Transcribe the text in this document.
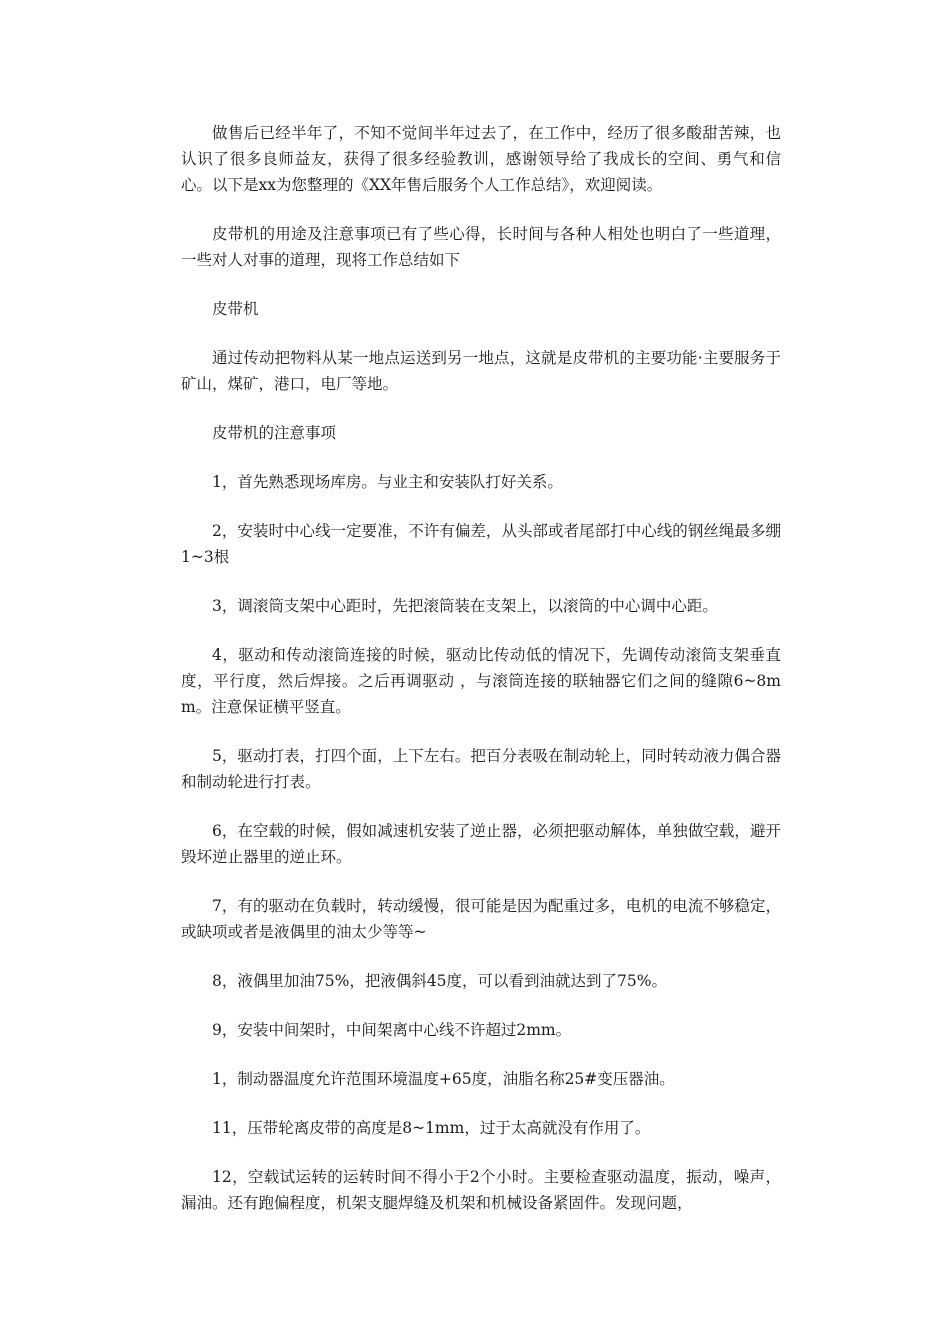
做售后已经半年了，不知不觉间半年过去了，在工作中，经历了很多酸甜苦辣，也认识了很多良师益友，获得了很多经验教训，感谢领导给了我成长的空间、勇气和信心。以下是xx为您整理的《XX年售后服务个人工作总结》，欢迎阅读。

皮带机的用途及注意事项已有了些心得，长时间与各种人相处也明白了一些道理，一些对人对事的道理，现将工作总结如下

皮带机

通过传动把物料从某一地点运送到另一地点，这就是皮带机的主要功能·主要服务于矿山，煤矿，港口，电厂等地。

皮带机的注意事项

1，首先熟悉现场库房。与业主和安装队打好关系。

2，安装时中心线一定要准，不许有偏差，从头部或者尾部打中心线的钢丝绳最多绷1~3根

3，调滚筒支架中心距时，先把滚筒装在支架上，以滚筒的中心调中心距。

4，驱动和传动滚筒连接的时候，驱动比传动低的情况下，先调传动滚筒支架垂直度，平行度，然后焊接。之后再调驱动 ，与滚筒连接的联轴器它们之间的缝隙6~8mm。注意保证横平竖直。

5，驱动打表，打四个面，上下左右。把百分表吸在制动轮上，同时转动液力偶合器和制动轮进行打表。

6，在空载的时候，假如减速机安装了逆止器，必须把驱动解体，单独做空载，避开毁坏逆止器里的逆止环。

7，有的驱动在负载时，转动缓慢，很可能是因为配重过多，电机的电流不够稳定，或缺项或者是液偶里的油太少等等~

8，液偶里加油75%，把液偶斜45度，可以看到油就达到了75%。

9，安装中间架时，中间架离中心线不许超过2mm。

1，制动器温度允许范围环境温度+65度，油脂名称25#变压器油。

11，压带轮离皮带的高度是8~1mm，过于太高就没有作用了。

12，空载试运转的运转时间不得小于2个小时。主要检查驱动温度，振动，噪声，漏油。还有跑偏程度，机架支腿焊缝及机架和机械设备紧固件。发现问题，
